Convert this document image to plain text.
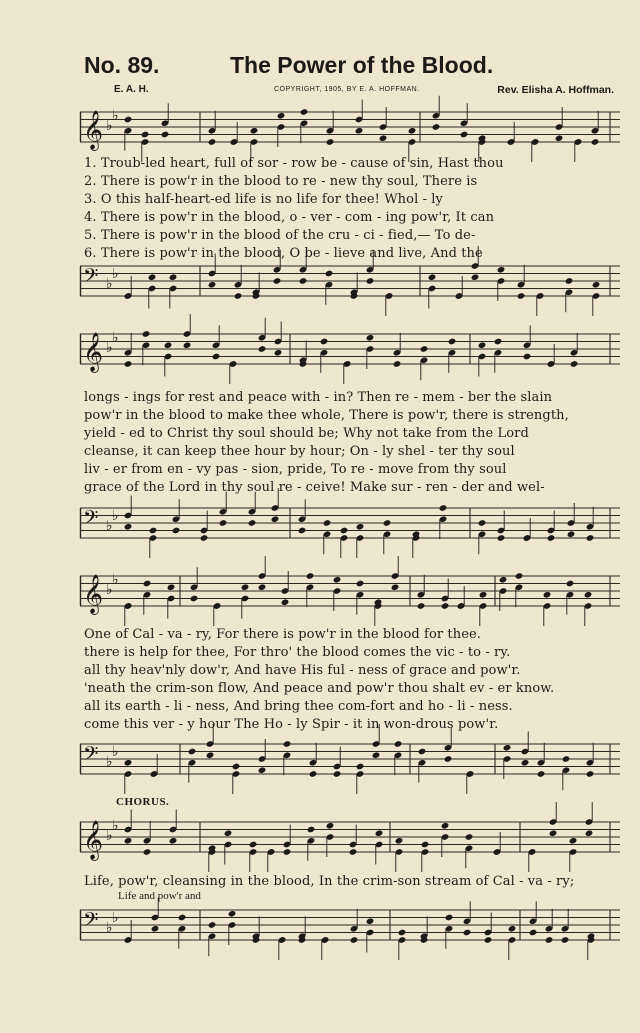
No. 89.	The Power of the Blood.
E. A. H.	COPYRIGHT, 1905, BY E. A. HOFFMAN.	Rev. Elisha A. Hoffman.
𝄞 ♭
♭
1. Troub-led heart, full of sor - row be - cause of sin, Hast thou
2. There is pow'r in the blood to re - new thy soul, There is
3. O this half-heart-ed life is no life for thee! Whol - ly
4. There is pow'r in the blood, o - ver - com - ing pow'r, It can
5. There is pow'r in the blood of the cru - ci - fied,— To de-
6. There is pow'r in the blood, O be - lieve and live, And the
𝄢 ♭
♭
𝄞 ♭
♭
longs - ings for rest and peace with - in? Then re - mem - ber the slain
pow'r in the blood to make thee whole, There is pow'r, there is strength,
yield - ed to Christ thy soul should be; Why not take from the Lord
cleanse, it can keep thee hour by hour; On - ly shel - ter thy soul
liv - er from en - vy pas - sion, pride, To re - move from thy soul
grace of the Lord in thy soul re - ceive! Make sur - ren - der and wel-
𝄢 ♭
♭
𝄞 ♭
♭
One of Cal - va - ry, For there is pow'r in the blood for thee.
there is help for thee, For thro' the blood comes the vic - to - ry.
all thy heav'nly dow'r, And have His ful - ness of grace and pow'r.
'neath the crim-son flow, And peace and pow'r thou shalt ev - er know.
all its earth - li - ness, And bring thee com-fort and ho - li - ness.
come this ver - y hour The Ho - ly Spir - it in won-drous pow'r.
𝄢 ♭
♭
CHORUS.
𝄞 ♭
♭
Life, pow'r, cleansing in the blood, In the crim-son stream of Cal - va - ry;
Life and pow'r and
𝄢 ♭
♭
